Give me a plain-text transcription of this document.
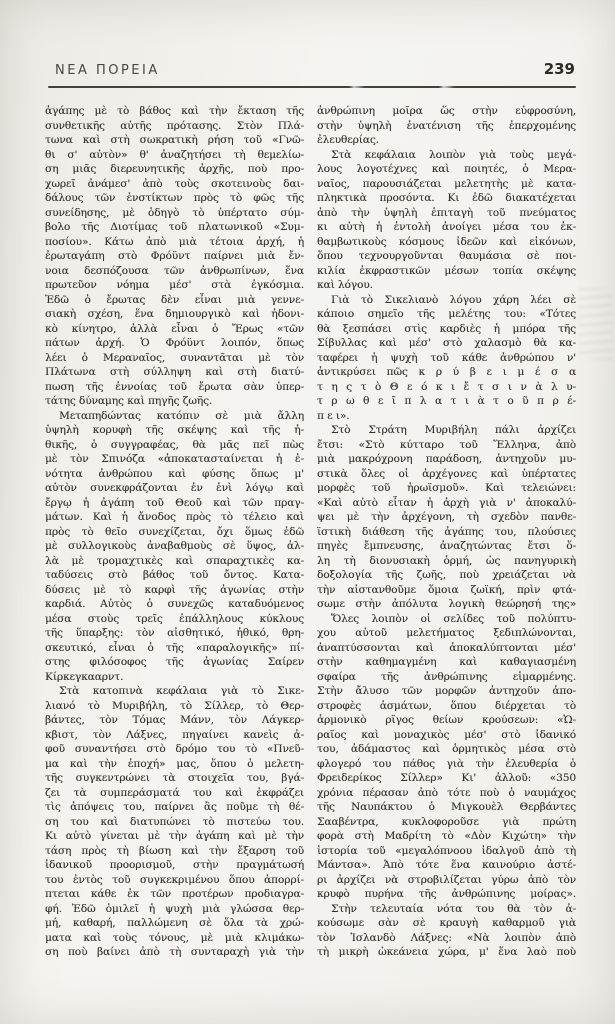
ΝΕΑ ΠΟΡΕΙΑ	239
ἀγάπης μὲ τὸ βάθος καὶ τὴν ἔκταση τῆς
συνθετικῆς αὐτῆς πρότασης. Στὸν Πλά-
τωνα καὶ στὴ σωκρατικὴ ρήση τοῦ «Γνῶ-
θι σ' αὐτὸν» θ' ἀναζητήσει τὴ θεμελίω-
ση μιᾶς διερευνητικῆς ἀρχῆς, ποὺ προ-
χωρεῖ ἀνάμεσ' ἀπὸ τοὺς σκοτεινοὺς δαι-
δάλους τῶν ἐνστίκτων πρὸς τὸ φῶς τῆς
συνείδησης, μὲ ὁδηγὸ τὸ ὑπέρτατο σύμ-
βολο τῆς Διοτίμας τοῦ πλατωνικοῦ «Συμ-
ποσίου». Κάτω ἀπὸ μιὰ τέτοια ἀρχή, ἡ
ἐρωταγάπη στὸ Φρόϋντ παίρνει μιὰ ἔν-
νοια δεσπόζουσα τῶν ἀνθρωπίνων, ἕνα
πρωτεῦον νόημα μέσ' στὰ ἐγκόσμια.
Ἐδῶ ὁ ἔρωτας δὲν εἶναι μιὰ γεννε-
σιακὴ σχέση, ἕνα δημιουργικὸ καὶ ἡδονι-
κὸ κίνητρο, ἀλλὰ εἶναι ὁ Ἔρως «τῶν
πάτων ἀρχή. Ὁ Φρόϋντ λοιπόν, ὅπως
λέει ὁ Μεραναῖος, συναντᾶται μὲ τὸν
Πλάτωνα στὴ σύλληψη καὶ στὴ διατύ-
πωση τῆς ἐννοίας τοῦ ἔρωτα σὰν ὑπερ-
τάτης δύναμης καὶ πηγῆς ζωῆς.
Μεταπηδώντας κατόπιν σὲ μιὰ ἄλλη
ὑψηλὴ κορυφὴ τῆς σκέψης καὶ τῆς ἠ-
θικῆς, ὁ συγγραφέας, θὰ μᾶς πεῖ πὼς
μὲ τὸν Σπινόζα «ἀποκατασταίνεται ἡ ἑ-
νότητα ἀνθρώπου καὶ φύσης ὅπως μ'
αὐτὸν συνεκφράζονται ἐν ἑνὶ λόγῳ καὶ
ἔργῳ ἡ ἀγάπη τοῦ Θεοῦ καὶ τῶν πραγ-
μάτων. Καὶ ἡ ἄνοδος πρὸς τὸ τέλειο καὶ
πρὸς τὸ θεῖο συνεχίζεται, ὄχι ὅμως ἐδῶ
μὲ συλλογικοὺς ἀναβαθμοὺς σὲ ὕψος, ἀλ-
λὰ μὲ τρομαχτικὲς καὶ σπαραχτικὲς κα-
ταδύσεις στὸ βάθος τοῦ ὄντος. Κατα-
δύσεις μὲ τὸ καρφὶ τῆς ἀγωνίας στὴν
καρδιά. Αὐτὸς ὁ συνεχῶς καταδυόμενος
μέσα στοὺς τρεῖς ἐπάλληλους κύκλους
τῆς ὕπαρξης: τὸν αἰσθητικό, ἠθικό, θρη-
σκευτικό, εἶναι ὁ τῆς «παραλογικῆς» πί-
στης φιλόσοφος τῆς ἀγωνίας Σαίρεν
Κίρκεγκααρντ.
Στὰ κατοπινὰ κεφάλαια γιὰ τὸ Σικε-
λιανό τὸ Μυριβήλη, τὸ Σίλλερ, τὸ Θερ-
βάντες, τὸν Τόμας Μάνν, τὸν Λάγκερ-
κβιστ, τὸν Λάξνες, πηγαίνει κανεὶς ἀ-
φοῦ συναντήσει στὸ δρόμο του τὸ «Πνεῦ-
μα καὶ τὴν ἐποχή» μας, ὅπου ὁ μελετη-
τῆς συγκεντρώνει τὰ στοιχεῖα του, βγά-
ζει τὰ συμπεράσματά του καὶ ἐκφράζει
τὶς ἀπόψεις του, παίρνει ἂς ποῦμε τὴ θέ-
ση του καὶ διατυπώνει τὸ πιστεύω του.
Κι αὐτὸ γίνεται μὲ τὴν ἀγάπη καὶ μὲ τὴν
τάση πρὸς τὴ βίωση καὶ τὴν ἔξαρση τοῦ
ἰδανικοῦ προορισμοῦ, στὴν πραγμάτωσή
του ἐντὸς τοῦ συγκεκριμένου ὅπου ἀπορρί-
πτεται κάθε ἐκ τῶν προτέρων προδιαγρα-
φή. Ἐδῶ ὁμιλεῖ ἡ ψυχὴ μιὰ γλώσσα θερ-
μή, καθαρή, παλλώμενη σὲ ὅλα τὰ χρώ-
ματα καὶ τοὺς τόνους, μὲ μιὰ κλιμάκω-
ση ποὺ βαίνει ἀπὸ τὴ συνταραχὴ γιὰ τὴν
ἀνθρώπινη μοῖρα ὥς στὴν εὐφροσύνη,
στὴν ὑψηλὴ ἐνατένιση τῆς ἐπερχομένης
ἐλευθερίας.
Στὰ κεφάλαια λοιπὸν γιὰ τοὺς μεγά-
λους λογοτέχνες καὶ ποιητές, ὁ Μερα-
ναῖος, παρουσιάζεται μελετητὴς μὲ κατα-
πληκτικὰ προσόντα. Κι ἐδῶ διακατέχεται
ἀπὸ τὴν ὑψηλὴ ἐπιταγὴ τοῦ πνεύματος
κι αὐτὴ ἡ ἐντολὴ ἀνοίγει μέσα του ἐκ-
θαμβωτικοὺς κόσμους ἰδεῶν καὶ εἰκόνων,
ὅπου τεχνουργοῦνται θαυμάσια σὲ ποι-
κιλία ἐκφραστικῶν μέσων τοπία σκέψης
καὶ λόγου.
Γιὰ τὸ Σικελιανὸ λόγου χάρη λέει σὲ
κάποιο σημεῖο τῆς μελέτης του: «Τότες
θὰ ξεσπάσει στὶς καρδιὲς ἡ μπόρα τῆς
Σίβυλλας καὶ μέσ' στὸ χαλασμὸ θὰ κα-
ταφέρει ἡ ψυχὴ τοῦ κάθε ἀνθρώπου ν'
ἀντικρύσει πῶς κ ρ ύ β ε ι μ έ σ α
τ η ς τ ὸ Θ ε ό κ ι ἔ τ σ ι ν ὰ λ υ-
τ ρ ω θ ε ῖ π λ α τ ι ὰ τ ο ῦ π ρ έ-
π ε ι».
Στὸ Στράτη Μυριβήλη πάλι ἀρχίζει
ἔτσι: «Στὸ κύτταρο τοῦ Ἕλληνα, ἀπὸ
μιὰ μακρόχρονη παράδοση, ἀντηχοῦν μυ-
στικὰ ὅλες οἱ ἀρχέγονες καὶ ὑπέρτατες
μορφὲς τοῦ ἡρωϊσμοῦ». Καὶ τελειώνει:
«Καὶ αὐτὸ εἶταν ἡ ἀρχὴ γιὰ ν' ἀποκαλύ-
ψει μὲ τὴν ἀρχέγονη, τὴ σχεδὸν πανθε-
ϊστικὴ διάθεση τῆς ἀγάπης του, πλούσιες
πηγὲς ἔμπνευσης, ἀναζητώντας ἔτσι ὅ-
λη τὴ διονυσιακὴ ὁρμή, ὡς πανηγυρικὴ
δοξολογία τῆς ζωῆς, ποὺ χρειάζεται νὰ
τὴν αἰστανθοῦμε ὅμοια ζωϊκή, πρὶν φτά-
σωμε στὴν ἀπόλυτα λογικὴ θεώρησή της»
Ὅλες λοιπὸν οἱ σελίδες τοῦ πολύπτυ-
χου αὐτοῦ μελετήματος ξεδιπλώνονται,
ἀναπτύσσονται καὶ ἀποκαλύπτονται μέσ'
στὴν καθημαγμένη καὶ καθαγιασμένη
σφαίρα τῆς ἀνθρώπινης εἱμαρμένης.
Στὴν ἄλυσο τῶν μορφῶν ἀντηχοῦν ἀπο-
στροφὲς ἀσμάτων, ὅπου διέρχεται τὸ
ἁρμονικὸ ρῖγος θείων κρούσεων: «Ὡ-
ραῖος καὶ μοναχικὸς μέσ' στὸ ἰδανικό
του, ἀδάμαστος καὶ ὁρμητικὸς μέσα στὸ
φλογερό του πάθος γιὰ τὴν ἐλευθερία ὁ
Φρειδερίκος Σίλλερ» Κι' ἀλλοῦ: «350
χρόνια πέρασαν ἀπὸ τότε ποὺ ὁ ναυμάχος
τῆς Ναυπάκτου ὁ Μιγκουὲλ Θερβάντες
Σααβέντρα, κυκλοφοροῦσε γιὰ πρώτη
φορὰ στὴ Μαδρίτη τὸ «Δὸν Κιχώτη» τὴν
ἱστορία τοῦ «μεγαλόπνοου ἰδαλγοῦ ἀπὸ τὴ
Μάντσα». Ἀπὸ τότε ἕνα καινούριο ἀστέ-
ρι ἀρχίζει νὰ στροβιλίζεται γύρω ἀπὸ τὸν
κρυφὸ πυρήνα τῆς ἀνθρώπινης μοίρας».
Στὴν τελευταία νότα του θὰ τὸν ἀ-
κούσωμε σὰν σὲ κραυγὴ καθαρμοῦ γιὰ
τὸν Ἰσλανδὸ Λάξνες: «Νὰ λοιπὸν ἀπὸ
τὴ μικρὴ ὠκεάνεια χώρα, μ' ἕνα λαὸ ποὺ
